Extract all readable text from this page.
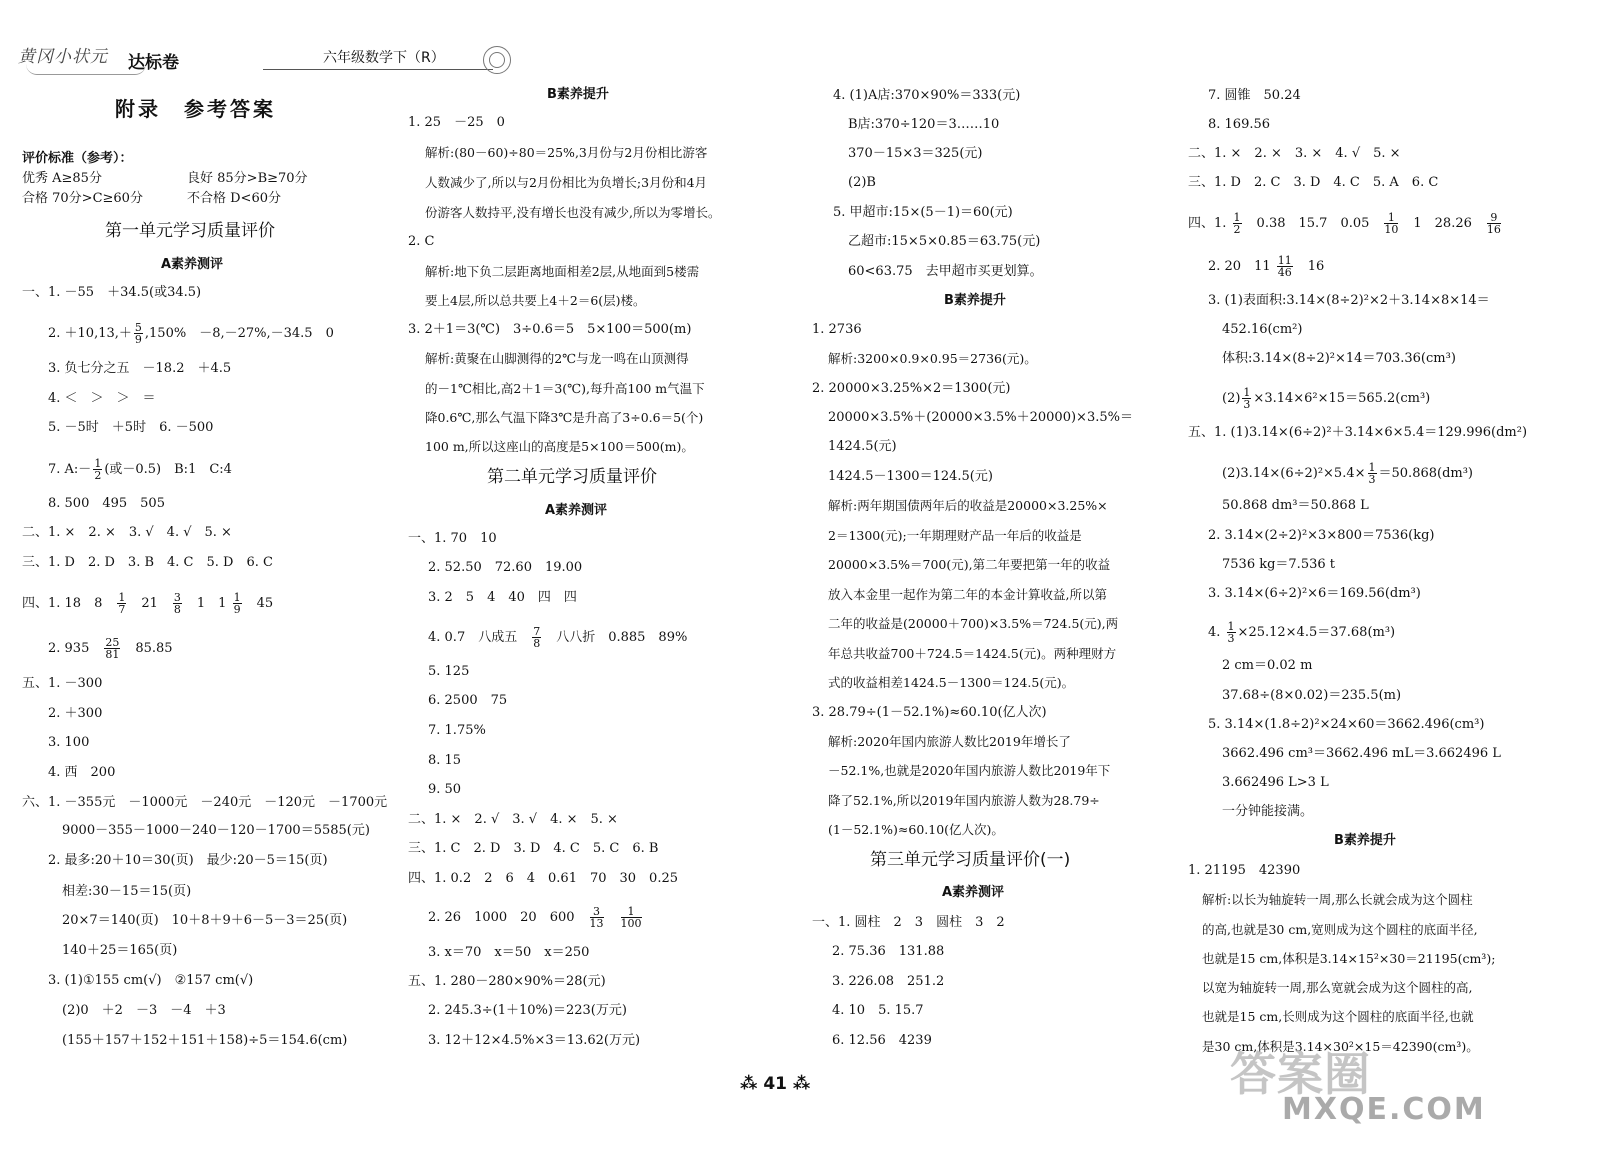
黄冈小状元 达标卷	六年级数学下（R）
附录　参考答案
评价标准（参考）：
优秀 A≥85分	良好 85分>B≥70分
合格 70分>C≥60分	不合格 D<60分
第一单元学习质量评价
A素养测评
一、1. －55　＋34.5(或34.5)
2. $+10,13,+ \frac{5}{9} ,150\%$　－8,－27%,－34.5　0
3. 负七分之五　－18.2　＋4.5
4. ＜　＞　＞　＝
5. －5时　＋5时　6. －500
7. A:－ $\frac{1}{2}$ (或－0.5)　B:1　C:4
8. 500　495　505
二、1. ×　2. ×　3. √　4. √　5. ×
三、1. D　2. D　3. B　4. C　5. D　6. C
四、1. 18　8　 $\frac{1}{7}$ 　21　 $\frac{3}{8}$ 　1　$1 \frac{1}{9}$ 　45
2. 935　 $\frac{25}{81}$ 　85.85
五、1. －300
2. ＋300
3. 100
4. 西　200
六、1. －355元　－1000元　－240元　－120元　－1700元
9000－355－1000－240－120－1700＝5585(元)
2. 最多:20＋10＝30(页)　最少:20－5＝15(页)
相差:30－15＝15(页)
20×7＝140(页)　10＋8＋9＋6－5－3＝25(页)
140＋25＝165(页)
3. (1)①155 cm(√)　②157 cm(√)
(2)0　＋2　－3　－4　＋3
(155＋157＋152＋151＋158)÷5＝154.6(cm)
B素养提升
1. 25　－25　0
解析:(80－60)÷80＝25%,3月份与2月份相比游客
人数减少了,所以与2月份相比为负增长;3月份和4月
份游客人数持平,没有增长也没有减少,所以为零增长。
2. C
解析:地下负二层距离地面相差2层,从地面到5楼需
要上4层,所以总共要上4＋2＝6(层)楼。
3. 2＋1＝3(℃)　3÷0.6＝5　5×100＝500(m)
解析:黄聚在山脚测得的2℃与龙一鸣在山顶测得
的－1℃相比,高2＋1＝3(℃),每升高100 m气温下
降0.6℃,那么气温下降3℃是升高了3÷0.6＝5(个)
100 m,所以这座山的高度是5×100＝500(m)。
第二单元学习质量评价
A素养测评
一、1. 70　10
2. 52.50　72.60　19.00
3. 2　5　4　40　四　四
4. 0.7　八成五　 $\frac{7}{8}$ 　八八折　0.885　89%
5. 125
6. 2500　75
7. 1.75%
8. 15
9. 50
二、1. ×　2. √　3. √　4. ×　5. ×
三、1. C　2. D　3. D　4. C　5. C　6. B
四、1. 0.2　2　6　4　0.61　70　30　0.25
2. 26　1000　20　600　 $\frac{3}{13}$
　 $\frac{1}{100}$
3. x＝70　x＝50　x＝250
五、1. 280－280×90%＝28(元)
2. 245.3÷(1＋10%)＝223(万元)
3. 12＋12×4.5%×3＝13.62(万元)
4. (1)A店:370×90%＝333(元)
B店:370÷120＝3……10
370－15×3＝325(元)
(2)B
5. 甲超市:15×(5－1)＝60(元)
乙超市:15×5×0.85＝63.75(元)
60<63.75　去甲超市买更划算。
B素养提升
1. 2736
解析:3200×0.9×0.95＝2736(元)。
2. 20000×3.25%×2＝1300(元)
20000×3.5%＋(20000×3.5%＋20000)×3.5%＝
1424.5(元)
1424.5－1300＝124.5(元)
解析:两年期国债两年后的收益是20000×3.25%×
2＝1300(元);一年期理财产品一年后的收益是
20000×3.5%＝700(元),第二年要把第一年的收益
放入本金里一起作为第二年的本金计算收益,所以第
二年的收益是(20000＋700)×3.5%＝724.5(元),两
年总共收益700＋724.5＝1424.5(元)。两种理财方
式的收益相差1424.5－1300＝124.5(元)。
3. 28.79÷(1－52.1%)≈60.10(亿人次)
解析:2020年国内旅游人数比2019年增长了
－52.1%,也就是2020年国内旅游人数比2019年下
降了52.1%,所以2019年国内旅游人数为28.79÷
(1－52.1%)≈60.10(亿人次)。
第三单元学习质量评价(一)
A素养测评
一、1. 圆柱　2　3　圆柱　3　2
2. 75.36　131.88
3. 226.08　251.2
4. 10　5. 15.7
6. 12.56　4239
7. 圆锥　50.24
8. 169.56
二、1. ×　2. ×　3. ×　4. √　5. ×
三、1. D　2. C　3. D　4. C　5. A　6. C
四、1. $\frac{1}{2}$ 　0.38　15.7　0.05　 $\frac{1}{10}$ 　1　28.26　 $\frac{9}{16}$
2. 20　$11 \frac{11}{46}$ 　16
3. (1)表面积:3.14×(8÷2)²×2＋3.14×8×14＝
452.16(cm²)
体积:3.14×(8÷2)²×14＝703.36(cm³)
$(2) \frac{1}{3} \times 3.14\times 6^2\times 15=565.2(cm^3)$
五、1. (1)3.14×(6÷2)²＋3.14×6×5.4＝129.996(dm²)
$(2)3.14\times(6\div 2)^2\times 5.4\times \frac{1}{3} =50.868(dm^3)$
50.868 dm³＝50.868 L
2. 3.14×(2÷2)²×3×800＝7536(kg)
7536 kg＝7.536 t
3. 3.14×(6÷2)²×6＝169.56(dm³)
4. $\frac{1}{3} \times 25.12\times 4.5=37.68(m^3)$
2 cm＝0.02 m
37.68÷(8×0.02)＝235.5(m)
5. 3.14×(1.8÷2)²×24×60＝3662.496(cm³)
3662.496 cm³＝3662.496 mL＝3.662496 L
3.662496 L>3 L
一分钟能接满。
B素养提升
1. 21195　42390
解析:以长为轴旋转一周,那么长就会成为这个圆柱
的高,也就是30 cm,宽则成为这个圆柱的底面半径,
也就是15 cm,体积是3.14×15²×30＝21195(cm³);
以宽为轴旋转一周,那么宽就会成为这个圆柱的高,
也就是15 cm,长则成为这个圆柱的底面半径,也就
是30 cm,体积是3.14×30²×15＝42390(cm³)。
⁂ 41 ⁂	答案圈
MXQE.COM
